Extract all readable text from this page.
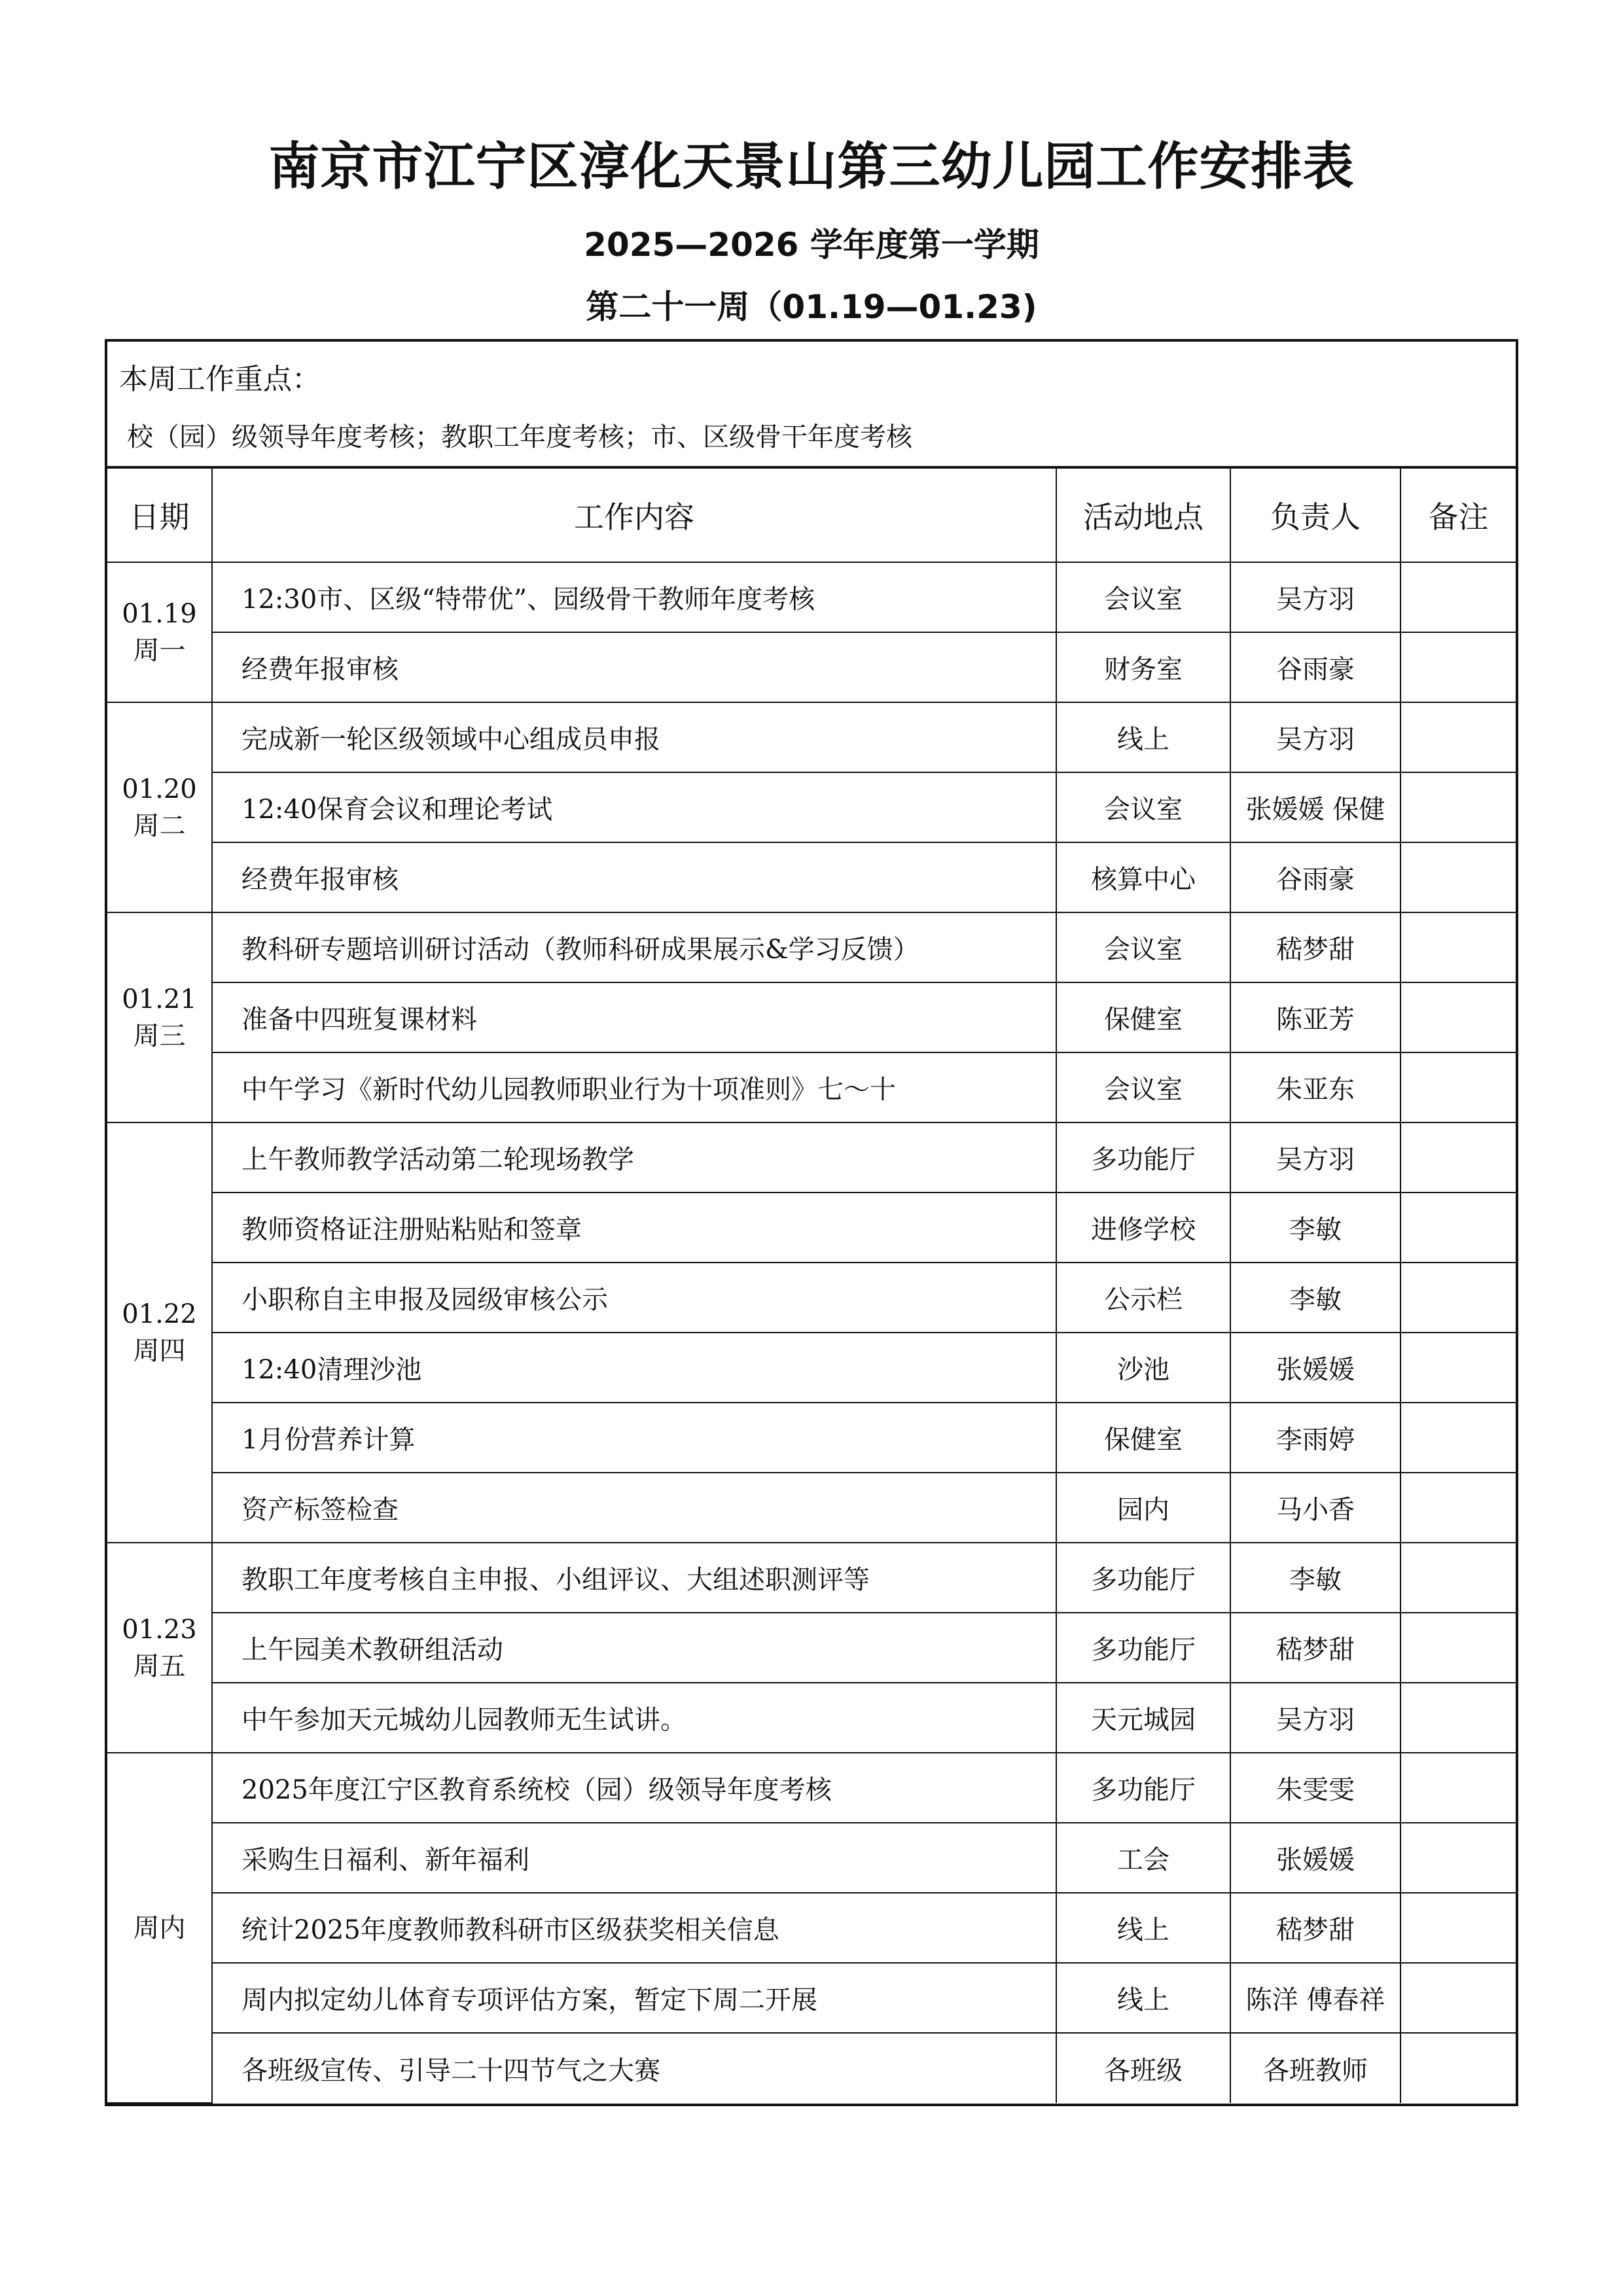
南京市江宁区淳化天景山第三幼儿园工作安排表
2025—2026 学年度第一学期
第二十一周（01.19—01.23)
本周工作重点：
校（园）级领导年度考核；教职工年度考核；市、区级骨干年度考核
日期	工作内容	活动地点	负责人	备注

01.19
周一	12:30市、区级“特带优”、园级骨干教师年度考核	会议室	吴方羽	
	经费年报审核	财务室	谷雨豪	

01.20
周二	完成新一轮区级领域中心组成员申报	线上	吴方羽	
	12:40保育会议和理论考试	会议室	张媛媛 保健	
	经费年报审核	核算中心	谷雨豪	

01.21
周三	教科研专题培训研讨活动（教师科研成果展示&学习反馈）	会议室	嵇梦甜	
	准备中四班复课材料	保健室	陈亚芳	
	中午学习《新时代幼儿园教师职业行为十项准则》七～十	会议室	朱亚东	

01.22
周四	上午教师教学活动第二轮现场教学	多功能厅	吴方羽	
	教师资格证注册贴粘贴和签章	进修学校	李敏	
	小职称自主申报及园级审核公示	公示栏	李敏	
	12:40清理沙池	沙池	张媛媛	
	1月份营养计算	保健室	李雨婷	
	资产标签检查	园内	马小香	

01.23
周五	教职工年度考核自主申报、小组评议、大组述职测评等	多功能厅	李敏	
	上午园美术教研组活动	多功能厅	嵇梦甜	
	中午参加天元城幼儿园教师无生试讲。	天元城园	吴方羽	

周内	2025年度江宁区教育系统校（园）级领导年度考核	多功能厅	朱雯雯	
	采购生日福利、新年福利	工会	张媛媛	
	统计2025年度教师教科研市区级获奖相关信息	线上	嵇梦甜	
	周内拟定幼儿体育专项评估方案，暂定下周二开展	线上	陈洋 傅春祥	
	各班级宣传、引导二十四节气之大赛	各班级	各班教师	
